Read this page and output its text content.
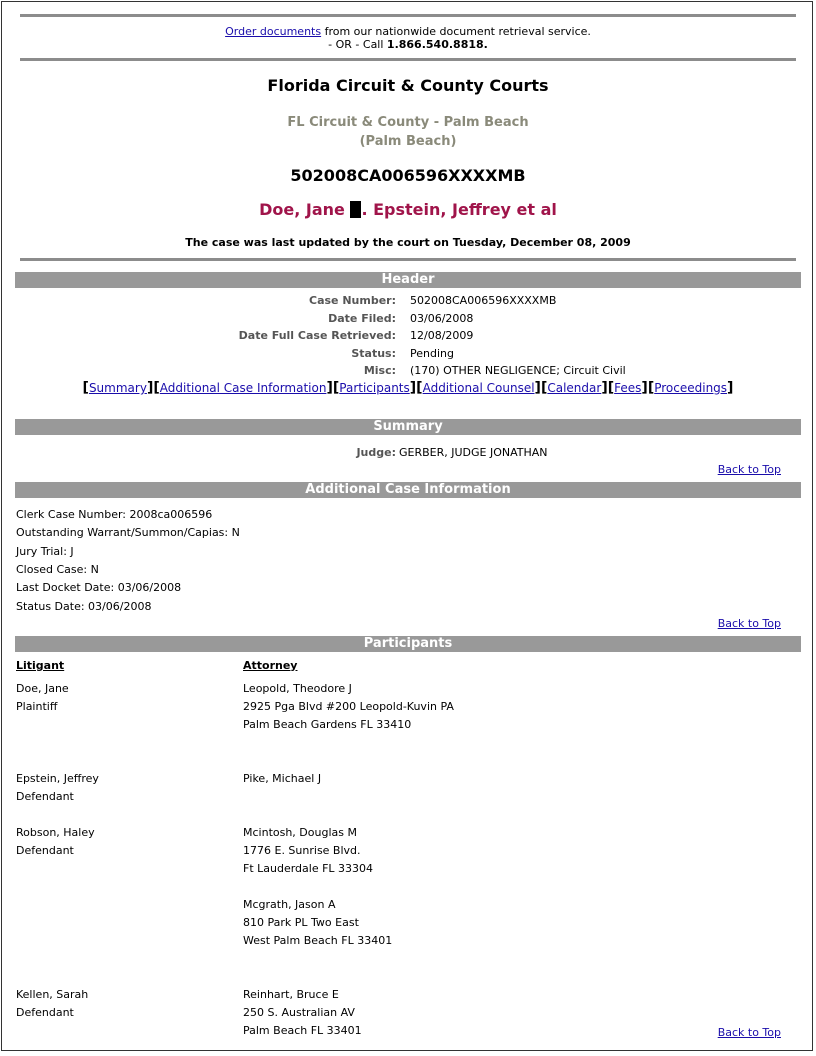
Order documents from our nationwide document retrieval service.
- OR - Call 1.866.540.8818.
Florida Circuit & County Courts
FL Circuit & County - Palm Beach
(Palm Beach)
502008CA006596XXXXMB
Doe, Jane . Epstein, Jeffrey et al
The case was last updated by the court on Tuesday, December 08, 2009
Header
Case Number: 502008CA006596XXXXMB
Date Filed: 03/06/2008
Date Full Case Retrieved: 12/08/2009
Status: Pending
Misc: (170) OTHER NEGLIGENCE; Circuit Civil
[Summary][Additional Case Information][Participants][Additional Counsel][Calendar][Fees][Proceedings]
Summary
Judge: GERBER, JUDGE JONATHAN
Back to Top
Additional Case Information
Clerk Case Number: 2008ca006596
Outstanding Warrant/Summon/Capias: N
Jury Trial: J
Closed Case: N
Last Docket Date: 03/06/2008
Status Date: 03/06/2008
Back to Top
Participants
Litigant	Attorney
Doe, Jane
Plaintiff
Leopold, Theodore J
2925 Pga Blvd #200 Leopold-Kuvin PA
Palm Beach Gardens FL 33410
Epstein, Jeffrey
Defendant
Pike, Michael J
Robson, Haley
Defendant
Mcintosh, Douglas M
1776 E. Sunrise Blvd.
Ft Lauderdale FL 33304
Mcgrath, Jason A
810 Park PL Two East
West Palm Beach FL 33401
Kellen, Sarah
Defendant
Reinhart, Bruce E
250 S. Australian AV
Palm Beach FL 33401	Back to Top
